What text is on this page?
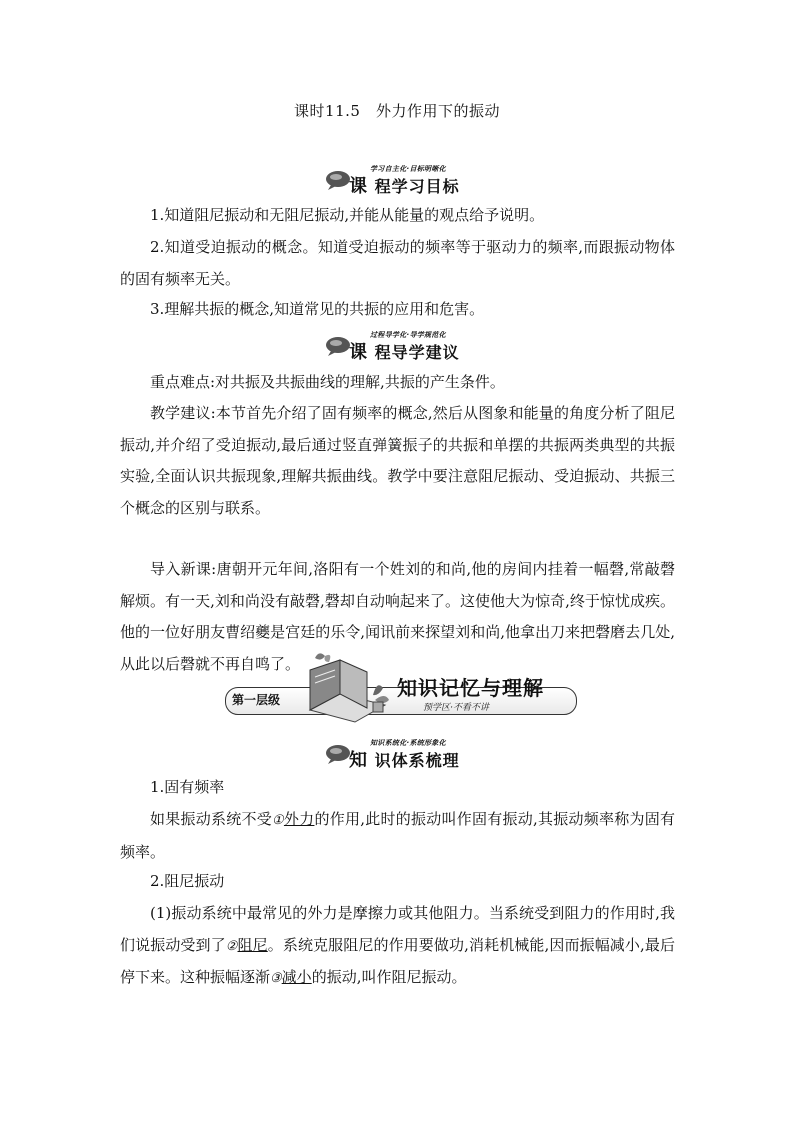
课时11.5　外力作用下的振动
学习自主化·目标明晰化
课 程学习目标

1.知道阻尼振动和无阻尼振动,并能从能量的观点给予说明。

2.知道受迫振动的概念。知道受迫振动的频率等于驱动力的频率,而跟振动物体的固有频率无关。

3.理解共振的概念,知道常见的共振的应用和危害。

过程导学化·导学规范化
课 程导学建议

重点难点:对共振及共振曲线的理解,共振的产生条件。

教学建议:本节首先介绍了固有频率的概念,然后从图象和能量的角度分析了阻尼振动,并介绍了受迫振动,最后通过竖直弹簧振子的共振和单摆的共振两类典型的共振实验,全面认识共振现象,理解共振曲线。教学中要注意阻尼振动、受迫振动、共振三个概念的区别与联系。

导入新课:唐朝开元年间,洛阳有一个姓刘的和尚,他的房间内挂着一幅磬,常敲磬解烦。有一天,刘和尚没有敲磬,磬却自动响起来了。这使他大为惊奇,终于惊忧成疾。他的一位好朋友曹绍夔是宫廷的乐令,闻讯前来探望刘和尚,他拿出刀来把磬磨去几处,从此以后磬就不再自鸣了。

第一层级	知识记忆与理解
预学区·不看不讲
知识系统化·系统形象化
知 识体系梳理

1.固有频率

如果振动系统不受①外力的作用,此时的振动叫作固有振动,其振动频率称为固有频率。

2.阻尼振动

(1)振动系统中最常见的外力是摩擦力或其他阻力。当系统受到阻力的作用时,我们说振动受到了②阻尼。系统克服阻尼的作用要做功,消耗机械能,因而振幅减小,最后停下来。这种振幅逐渐③减小的振动,叫作阻尼振动。
